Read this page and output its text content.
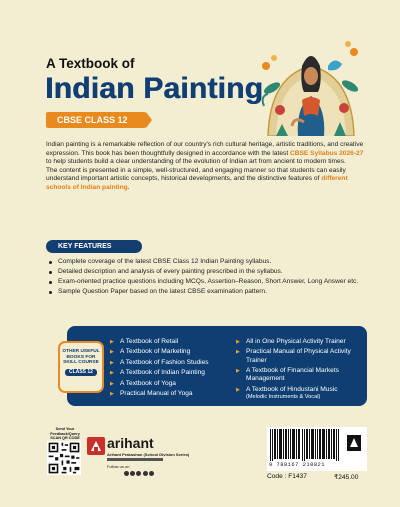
A Textbook of
Indian Painting
CBSE CLASS 12

Indian painting is a remarkable reflection of our country's rich cultural heritage, artistic traditions, and creative expression. This book has been thoughtfully designed in accordance with the latest CBSE Syllabus 2026-27 to help students build a clear understanding of the evolution of Indian art from ancient to modern times.

The content is presented in a simple, well-structured, and engaging manner so that students can easily understand important artistic concepts, historical developments, and the distinctive features of different schools of Indian painting.

KEY FEATURES
Complete coverage of the latest CBSE Class 12 Indian Painting syllabus.
Detailed description and analysis of every painting prescribed in the syllabus.
Exam-oriented practice questions including MCQs, Assertion–Reason, Short Answer, Long Answer etc.
Sample Question Paper based on the latest CBSE examination pattern.
OTHER USEFUL BOOKS FOR SKILL COURSE
CLASS 12
▶ A Textbook of Retail
▶ A Textbook of Marketing
▶ A Textbook of Fashion Studies
▶ A Textbook of Indian Painting
▶ A Textbook of Yoga
▶ Practical Manual of Yoga
▶ All in One Physical Activity Trainer
▶ Practical Manual of Physical Activity Trainer
▶ A Textbook of Financial Markets Management
▶ A Textbook of Hindustani Music
(Melodic Instruments & Vocal)
Send Your Feedback/Query SCAN QR CODE arihant
Arihant Prakashan (School Division Series)
Follow us on	9 788167 210821
Code : F1437	₹245.00
